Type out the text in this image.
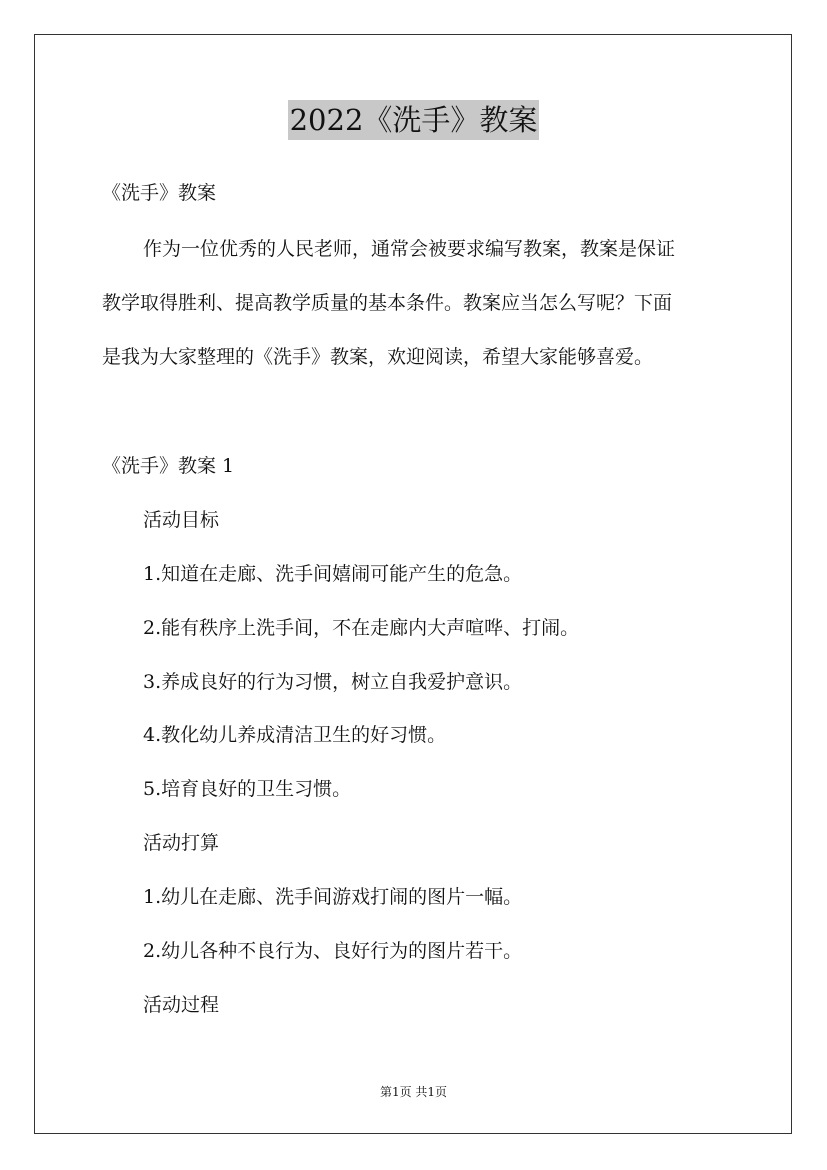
2022《洗手》教案
《洗手》教案
作为一位优秀的人民老师，通常会被要求编写教案，教案是保证
教学取得胜利、提高教学质量的基本条件。教案应当怎么写呢？下面
是我为大家整理的《洗手》教案，欢迎阅读，希望大家能够喜爱。
《洗手》教案 1
活动目标
1.知道在走廊、洗手间嬉闹可能产生的危急。
2.能有秩序上洗手间，不在走廊内大声喧哗、打闹。
3.养成良好的行为习惯，树立自我爱护意识。
4.教化幼儿养成清洁卫生的好习惯。
5.培育良好的卫生习惯。
活动打算
1.幼儿在走廊、洗手间游戏打闹的图片一幅。
2.幼儿各种不良行为、良好行为的图片若干。
活动过程
第1页 共1页
